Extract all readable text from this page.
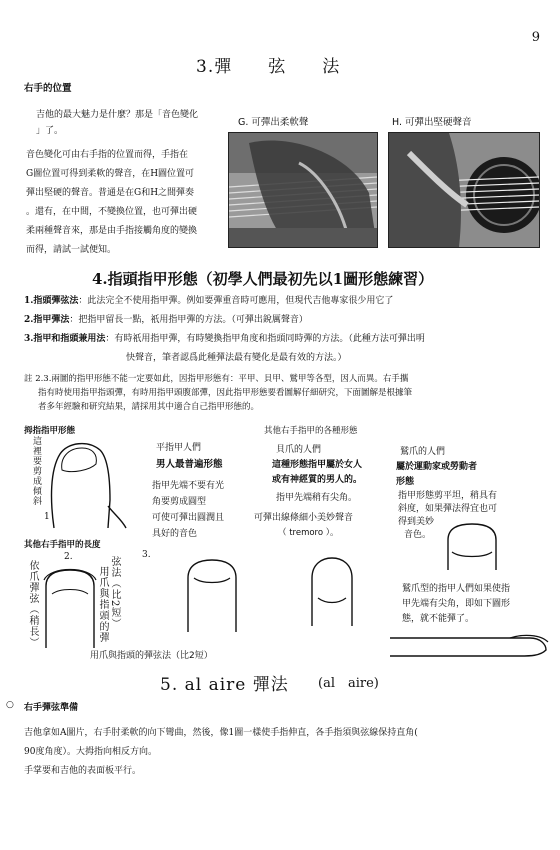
9
3.彈　　弦　　法
右手的位置
吉他的最大魅力是什麼？那是「音色變化
」了。
音色變化可由右手指的位置而得，手指在
G圖位置可得到柔軟的聲音，在H圖位置可
彈出堅硬的聲音。普通是在G和H之間彈奏
。還有，在中間，不變換位置，也可彈出硬
柔兩種聲音來，那是由手指接觸角度的變換
而得，請試一試便知。
G. 可彈出柔軟聲	H. 可彈出堅硬聲音
4.指頭指甲形態（初學人們最初先以1圖形態練習）
1.指頭彈弦法：此法完全不使用指甲彈。例如要彈重音時可應用，但現代吉他專家很少用它了
2.指甲彈法：把指甲留長一點，祇用指甲彈的方法。（可彈出銳厲聲音）
3.指甲和指頭兼用法：有時祇用指甲彈，有時變換指甲角度和指頭同時彈的方法。（此種方法可彈出明
快聲音，筆者認爲此種彈法最有變化是最有效的方法。）
註 2.3.兩圖的指甲形態不能一定要如此，因指甲形態有：平甲、貝甲、鷲甲等各型，因人而異。右手攜
指有時使用指甲指頭彈，有時用指甲頭腹部彈，因此指甲形態要看圖解仔細研究，下面圖解是根據筆
者多年經驗和研究結果，請採用其中適合自己指甲形態的。
拇指指甲形態
這裡要剪成傾斜
1
平指甲人們
男人最普遍形態
指甲先端不要有光
角要剪成圓型
可使可彈出圓潤且
具好的音色
其他右手指甲的各種形態
貝爪的人們
這種形態指甲屬於女人
或有神經質的男人的。
指甲先端稍有尖角。
可彈出線條細小美妙聲音
（ tremoro ）。
鷲爪的人們
屬於運動家或勞動者
形態
指甲形態剪平坦，稍具有
斜度，如果彈法得宜也可
得到美妙
音色。
其他右手指甲的長度
2.	3.
依爪彈弦（稍長）	用爪與指頭的彈 弦法（比2短）	鷲爪型的指甲人們如果使指
甲先端有尖角，即如下圖形
態，就不能彈了。
用爪與指頭的彈弦法（比2短）
5. al aire 彈法 (al　aire)
○ 右手彈弦準備
吉他拿如A圖片，右手肘柔軟的向下彎曲，然後，像1圖一樣使手指伸直，各手指須與弦線保持直角(
90度角度）。大拇指向相反方向。
手掌要和吉他的表面板平行。
